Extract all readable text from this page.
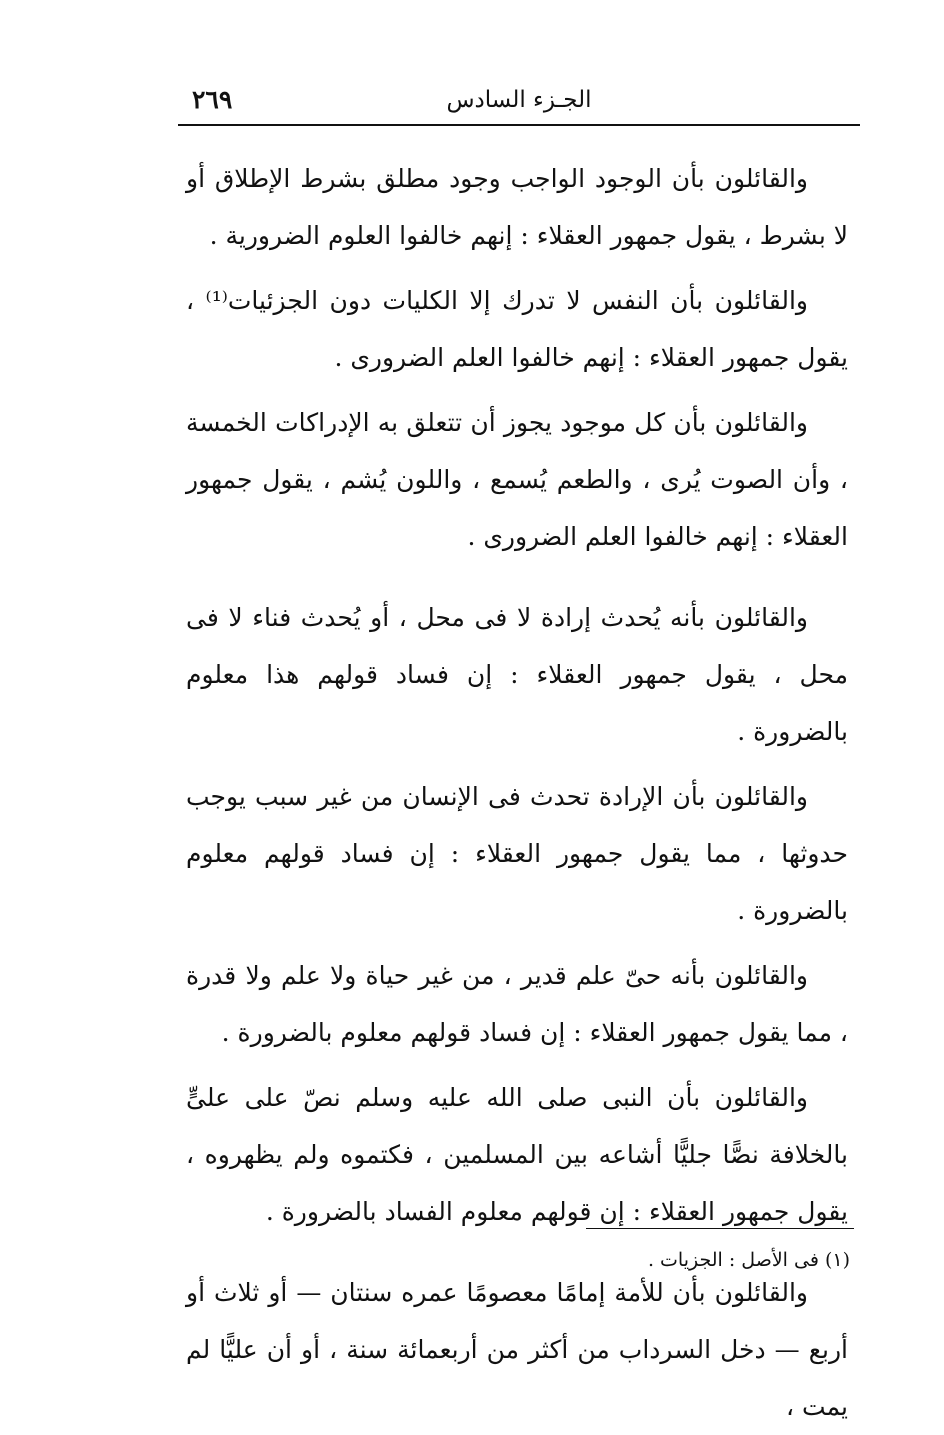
الجـزء السادس
٢٦٩

والقائلون بأن الوجود الواجب وجود مطلق بشرط الإطلاق أو لا بشرط ، يقول جمهور العقلاء : إنهم خالفوا العلوم الضرورية .

والقائلون بأن النفس لا تدرك إلا الكليات دون الجزئيات⁽¹⁾ ، يقول جمهور العقلاء : إنهم خالفوا العلم الضرورى .

والقائلون بأن كل موجود يجوز أن تتعلق به الإدراكات الخمسة ، وأن الصوت يُرى ، والطعم يُسمع ، واللون يُشم ، يقول جمهور العقلاء : إنهم خالفوا العلم الضرورى .

والقائلون بأنه يُحدث إرادة لا فى محل ، أو يُحدث فناء لا فى محل ، يقول جمهور العقلاء : إن فساد قولهم هذا معلوم بالضرورة .

والقائلون بأن الإرادة تحدث فى الإنسان من غير سبب يوجب حدوثها ، مما يقول جمهور العقلاء : إن فساد قولهم معلوم بالضرورة .

والقائلون بأنه حىّ علم قدير ، من غير حياة ولا علم ولا قدرة ، مما يقول جمهور العقلاء : إن فساد قولهم معلوم بالضرورة .

والقائلون بأن النبى صلى الله عليه وسلم نصّ على علىٍّ بالخلافة نصًّا جليًّا أشاعه بين المسلمين ، فكتموه ولم يظهروه ، يقول جمهور العقلاء : إن قولهم معلوم الفساد بالضرورة .

والقائلون بأن للأمة إمامًا معصومًا عمره سنتان — أو ثلاث أو أربع — دخل السرداب من أكثر من أربعمائة سنة ، أو أن عليًّا لم يمت ،

(١) فى الأصل : الجزيات .
